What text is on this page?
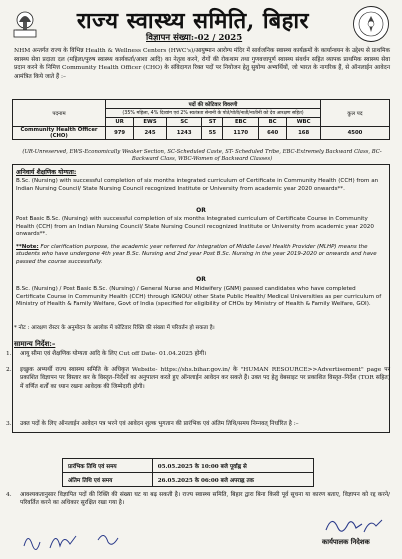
राज्य स्वास्थ्य समिति, बिहार
विज्ञापन संख्या:-02 / 2025
NHM अन्तर्गत राज्य के विभिन्न Health & Wellness Centers (HWC's)/आयुष्मान आरोग्य मंदिर में सार्वजनिक स्वास्थ्य कार्यक्रमों के कार्यान्वयन के उद्देश्य से प्राथमिक स्वास्थ्य सेवा प्रदाता दल (महिला/पुरुष स्वास्थ्य कार्यकर्ता/आशा आदि) का नेतृत्व करने, रोगों की रोकथाम तथा गुणवत्तापूर्ण स्वास्थ्य संवर्धन सहित व्यापक प्राथमिक स्वास्थ्य सेवा प्रदान करने के निमित्त Community Health Officer (CHO) के संविदागत रिक्त पदों पर नियोजन हेतु सुयोग्य अभ्यर्थियों, जो भारत के नागरिक हैं, से ऑनलाईन आवेदन आमंत्रित किये जाते हैं :–
पदनाम	पदों की कोटिवार विवरणी							कुल पद
	(35% महिला, 4% दिव्यांग एवं 2% स्वतंत्रता सेनानी के पोते/पोती/नाती/नातीनी को देय आरक्षण सहित)							
	UR	EWS	SC	ST	EBC	BC	WBC	
Community Health Officer (CHO)	979	245	1243	55	1170	640	168	4500
(UR-Unreserved, EWS-Economically Weaker Section, SC-Scheduled Caste, ST- Scheduled Tribe, EBC-Extremely Backward Class, BC-Backward Class, WBC-Women of Backward Classes)
अनिवार्य शैक्षणिक योग्यता:
B.Sc. (Nursing) with successful completion of six months integrated curriculum of Certificate in Community Health (CCH) from an Indian Nursing Council/ State Nursing Council recognized Institute or University from academic year 2020 onwards**.
OR
Post Basic B.Sc. (Nursing) with successful completion of six months Integrated curriculum of Certificate Course in Community Health (CCH) from an Indian Nursing Council/ State Nursing Council recognized Institute or University from academic year 2020 onwards**.
**Note: For clarification purpose, the academic year referred for integration of Middle Level Health Provider (MLHP) means the students who have undergone 4th year B.Sc. Nursing and 2nd year Post B.Sc. Nursing in the year 2019-2020 or onwards and have passed the course successfully.
OR
B.Sc. (Nursing) / Post Basic B.Sc. (Nursing) / General Nurse and Midwifery (GNM) passed candidates who have completed Certificate Course in Community Health (CCH) through IGNOU/ other State Public Health/ Medical Universities as per curriculum of Ministry of Health & Family Welfare, Govt of India (specified for eligibility of CHOs by Ministry of Health & Family Welfare, GOI).
* नोट : आरक्षण रोस्टर के अनुमोदन के आलोक में कोटिवार रिक्ति की संख्या में परिवर्तन हो सकता है।
सामान्य निर्देश:–
1. आयु सीमा एवं शैक्षणिक योग्यता आदि के लिए Cut off Date- 01.04.2025 होगी।
2. इच्छुक अभ्यर्थी राज्य स्वास्थ्य समिति के अधिकृत Website- https://shs.bihar.gov.in/ के "HUMAN RESOURCE>>Advertisement" page पर प्रकाशित विज्ञापन पर विस्तार कर के विस्तृत–निर्देशों का अनुपालन करते हुए ऑनलाईन आवेदन कर सकते हैं। उक्त पद हेतु वेबसाइट पर प्रकाशित विस्तृत–निर्देश (TOR सहित) में वर्णित शर्तों का ध्यान रखना आवेदक की जिम्मेदारी होगी।
3. उक्त पदों के लिए ऑनलाईन आवेदन पत्र भरने एवं आवेदन शुल्क भुगतान की प्रारंभिक एवं अंतिम तिथि/समय निम्नवत् निर्धारित है :–
प्रारंभिक तिथि एवं समय	05.05.2025 के 10:00 बजे पूर्वाह्न से
अंतिम तिथि एवं समय	26.05.2025 के 06:00 बजे अपराह्न तक
4. आवश्यकतानुसार विज्ञापित पदों की रिक्ति की संख्या घट या बढ़ सकती है। राज्य स्वास्थ्य समिति, बिहार द्वारा बिना किसी पूर्व सूचना या कारण बताए, विज्ञापन को रद्द करने/परिवर्तित करने का अधिकार सुरक्षित रखा गया है।
कार्यपालक निदेशक
